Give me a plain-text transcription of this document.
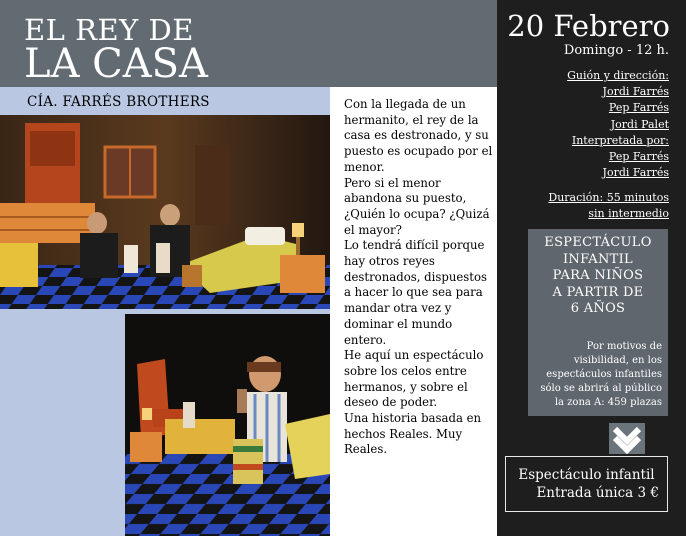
EL REY DE
LA CASA
CÍA. FARRÉS BROTHERS	Con la llegada de un hermanito, el rey de la casa es destronado, y su puesto es ocupado por el menor.

Pero si el menor abandona su puesto, ¿Quién lo ocupa? ¿Quizá el mayor?

Lo tendrá difícil porque hay otros reyes destronados, dispuestos a hacer lo que sea para mandar otra vez y dominar el mundo entero.

He aquí un espectáculo sobre los celos entre hermanos, y sobre el deseo de poder.

Una historia basada en hechos Reales. Muy Reales.

20 Febrero
Domingo - 12 h.
Guión y dirección:
Jordi Farrés
Pep Farrés
Jordi Palet
Interpretada por:
Pep Farrés
Jordi Farrés
Duración: 55 minutos
sin intermedio
ESPECTÁCULO
INFANTIL
PARA NIÑOS
A PARTIR DE
6 AÑOS
Por motivos de
visibilidad, en los
espectáculos infantiles
sólo se abrirá al público
la zona A: 459 plazas
Espectáculo infantil
Entrada única 3 €
